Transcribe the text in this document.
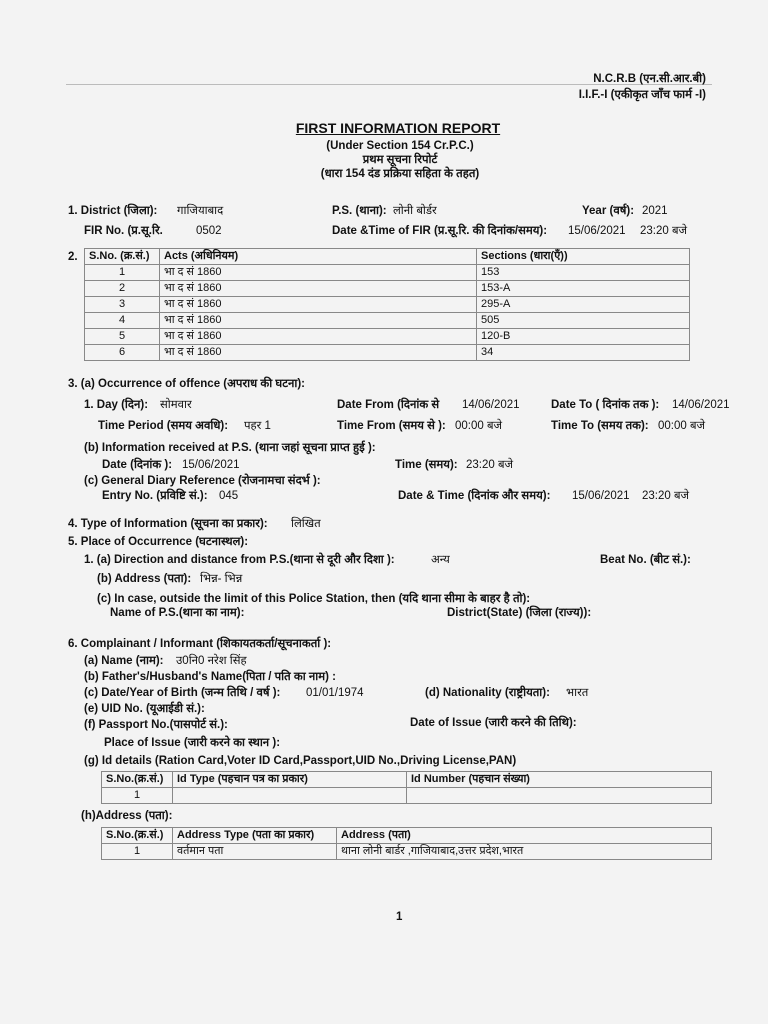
N.C.R.B (एन.सी.आर.बी)
I.I.F.-I (एकीकृत जाँच फार्म -I)
FIRST INFORMATION REPORT
(Under Section 154 Cr.P.C.)
प्रथम सूचना रिपोर्ट
(धारा 154 दंड प्रक्रिया सहिता के तहत)
1. District (जिला): गाजियाबाद	P.S. (थाना): लोनी बोर्डर	Year (वर्ष): 2021
FIR No. (प्र.सू.रि.	0502	Date &Time of FIR (प्र.सू.रि. की दिनांक/समय): 15/06/2021 23:20 बजे
2. S.No. (क्र.सं.)	Acts (अधिनियम)	Sections (धारा(एँ))
1	भा द सं 1860	153
2	भा द सं 1860	153-A
3	भा द सं 1860	295-A
4	भा द सं 1860	505
5	भा द सं 1860	120-B
6	भा द सं 1860	34
3. (a) Occurrence of offence (अपराध की घटना):
1. Day (दिन): सोमवार	Date From (दिनांक से 14/06/2021	Date To ( दिनांक तक ): 14/06/2021
Time Period (समय अवधि): पहर 1	Time From (समय से ): 00:00 बजे	Time To (समय तक): 00:00 बजे
(b) Information received at P.S. (थाना जहां सूचना प्राप्त हुई ):
Date (दिनांक ): 15/06/2021	Time (समय): 23:20 बजे
(c) General Diary Reference (रोजनामचा संदर्भ ):
Entry No. (प्रविष्टि सं.): 045	Date & Time (दिनांक और समय): 15/06/2021 23:20 बजे
4. Type of Information (सूचना का प्रकार): लिखित
5. Place of Occurrence (घटनास्थल):
1. (a) Direction and distance from P.S.(थाना से दूरी और दिशा ):	अन्य	Beat No. (बीट सं.):
(b) Address (पता): भिन्न- भिन्न
(c) In case, outside the limit of this Police Station, then (यदि थाना सीमा के बाहर है तो):
Name of P.S.(थाना का नाम):	District(State) (जिला (राज्य)):
6. Complainant / Informant (शिकायतकर्ता/सूचनाकर्ता ):
(a) Name (नाम): उ0नि0 नरेश सिंह
(b) Father's/Husband's Name(पिता / पति का नाम) :
(c) Date/Year of Birth (जन्म तिथि / वर्ष ): 01/01/1974	(d) Nationality (राष्ट्रीयता): भारत
(e) UID No. (यूआईडी सं.):
(f) Passport No.(पासपोर्ट सं.):	Date of Issue (जारी करने की तिथि):
Place of Issue (जारी करने का स्थान ):
(g) Id details (Ration Card,Voter ID Card,Passport,UID No.,Driving License,PAN)
S.No.(क्र.सं.)	Id Type (पहचान पत्र का प्रकार)	Id Number (पहचान संख्या)
1		
(h)Address (पता):
S.No.(क्र.सं.)	Address Type (पता का प्रकार)	Address (पता)
1	वर्तमान पता	थाना लोनी बार्डर ,गाजियाबाद,उत्तर प्रदेश,भारत
1
